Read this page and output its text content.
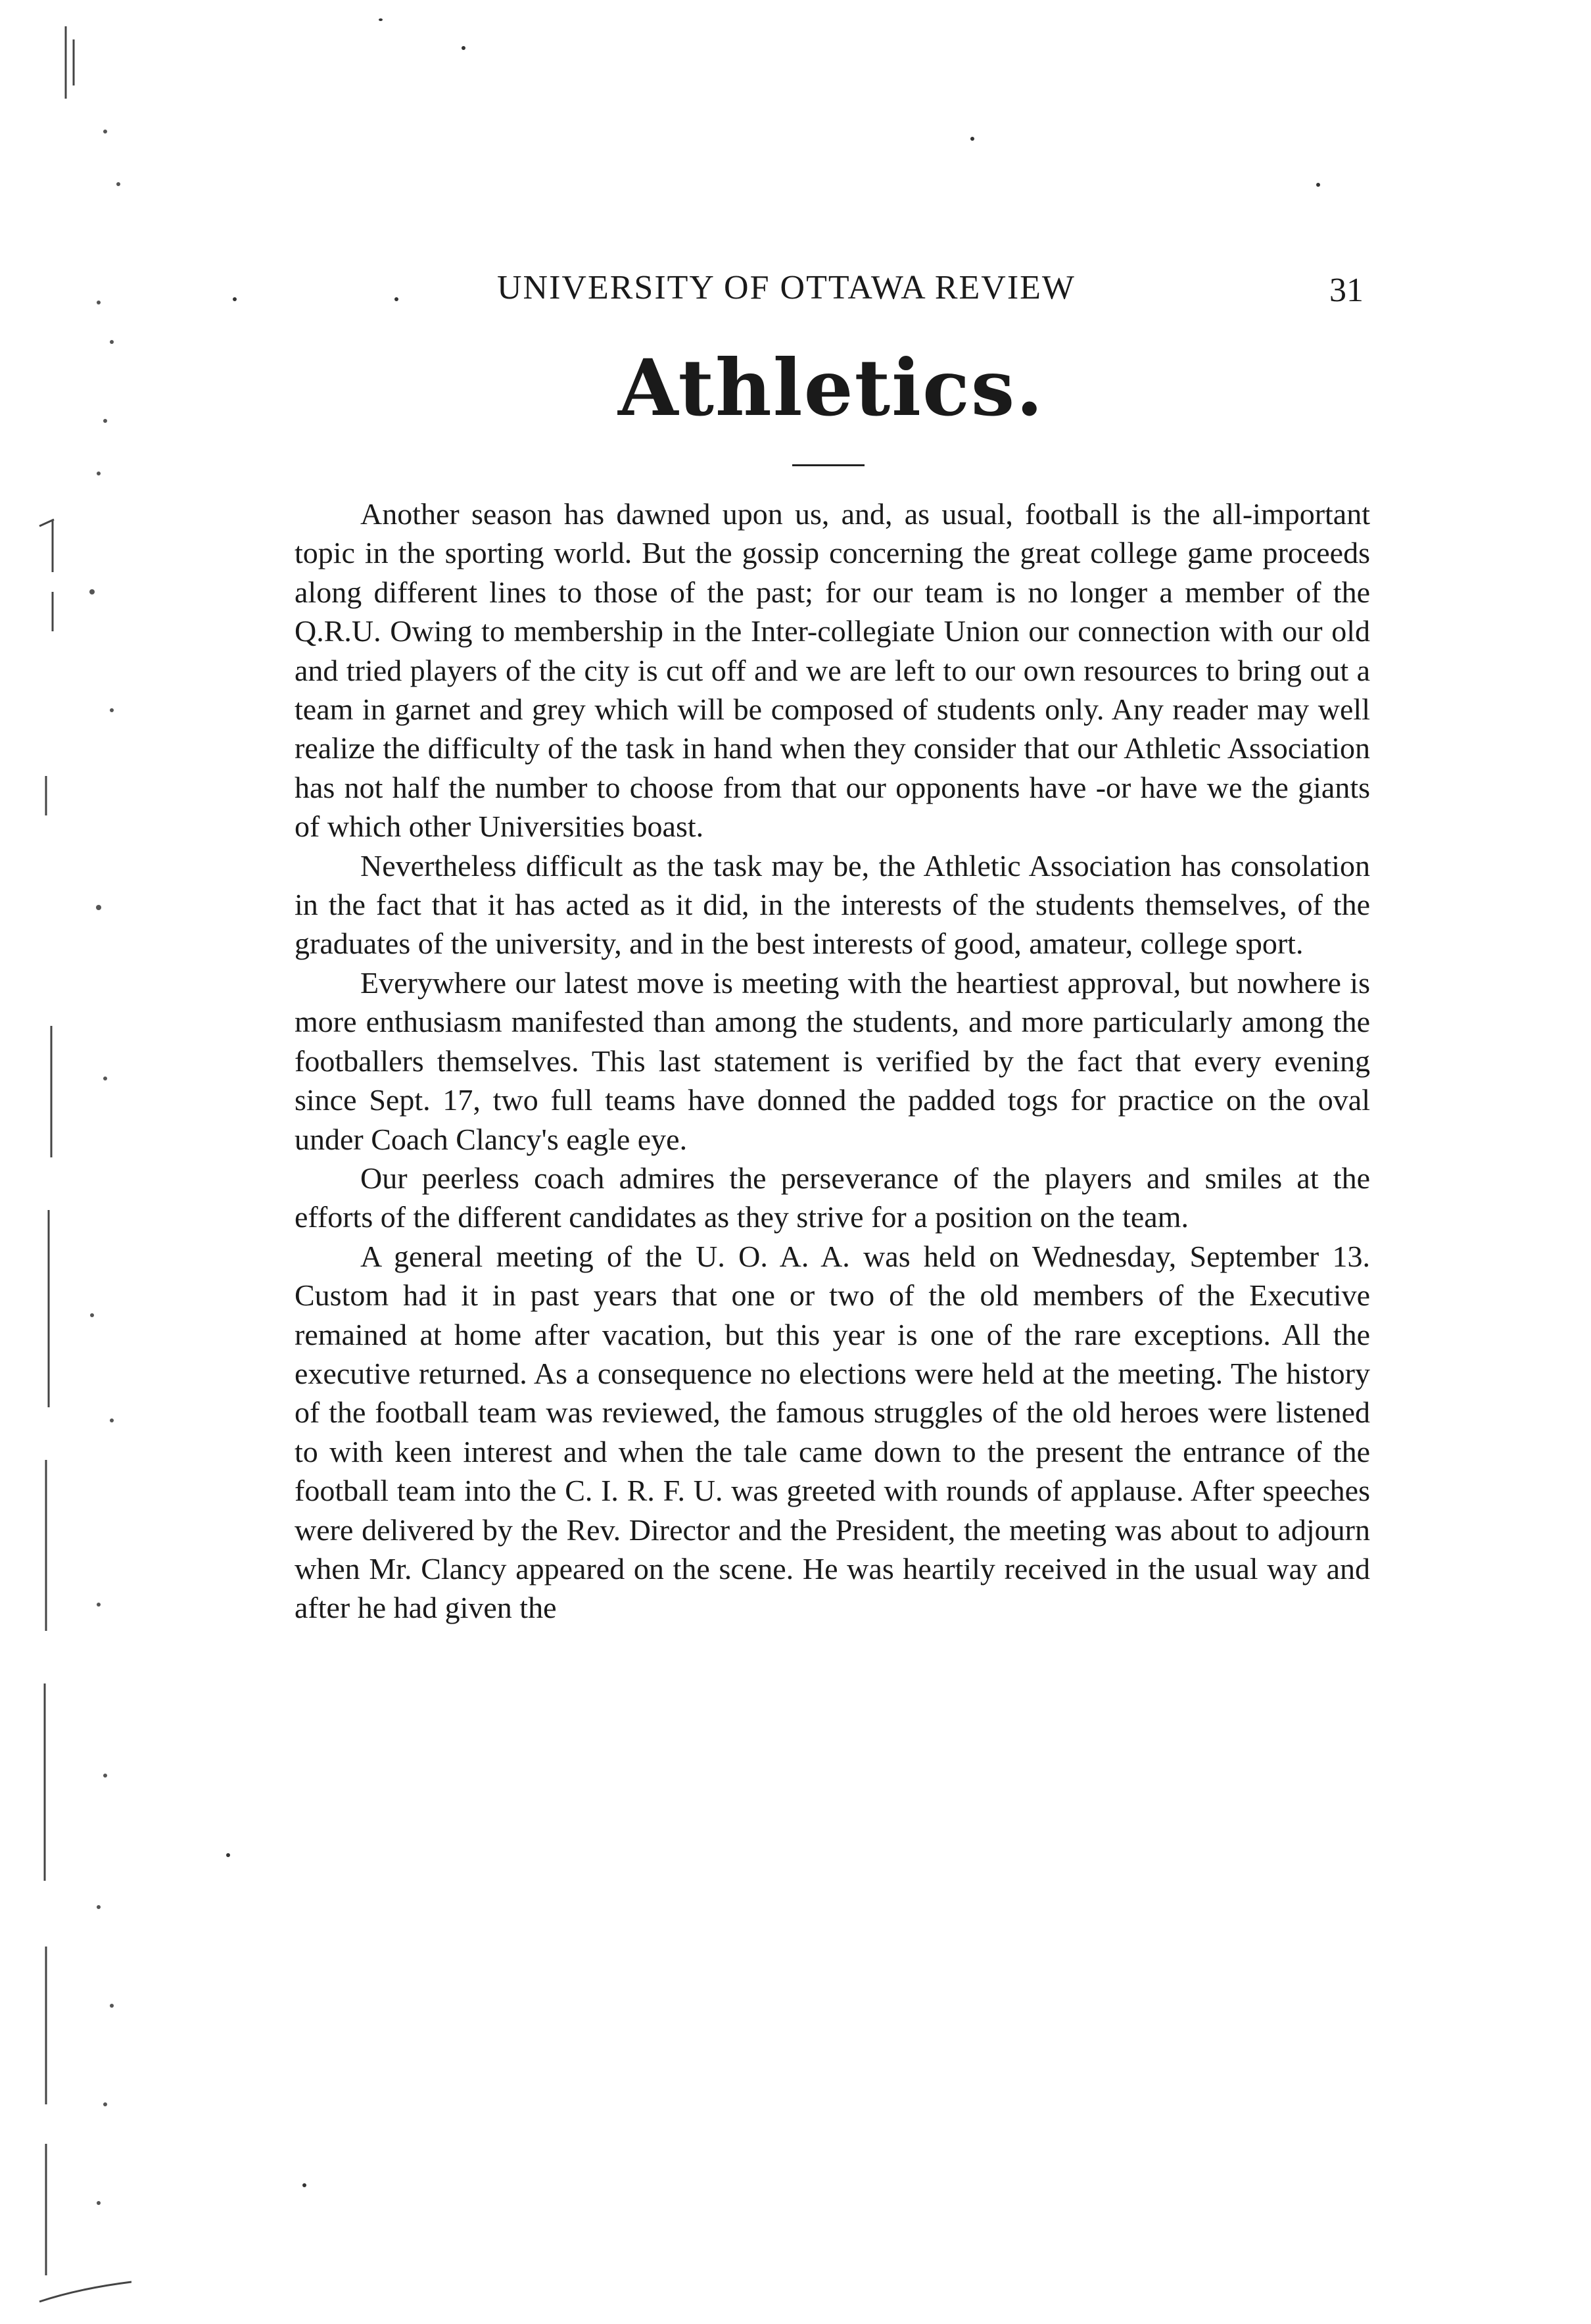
UNIVERSITY OF OTTAWA REVIEW	31
Athletics.

Another season has dawned upon us, and, as usual, football is the all-important topic in the sporting world. But the gossip concerning the great college game proceeds along different lines to those of the past; for our team is no longer a member of the Q.R.U. Owing to membership in the Inter-collegiate Union our connection with our old and tried players of the city is cut off and we are left to our own resources to bring out a team in garnet and grey which will be composed of students only. Any reader may well realize the difficulty of the task in hand when they consider that our Athletic Association has not half the number to choose from that our opponents have -or have we the giants of which other Universities boast.

Nevertheless difficult as the task may be, the Athletic Association has consolation in the fact that it has acted as it did, in the interests of the students themselves, of the graduates of the university, and in the best interests of good, amateur, college sport.

Everywhere our latest move is meeting with the heartiest approval, but nowhere is more enthusiasm manifested than among the students, and more particularly among the footballers themselves. This last statement is verified by the fact that every evening since Sept. 17, two full teams have donned the padded togs for practice on the oval under Coach Clancy's eagle eye.

Our peerless coach admires the perseverance of the players and smiles at the efforts of the different candidates as they strive for a position on the team.

A general meeting of the U. O. A. A. was held on Wednesday, September 13. Custom had it in past years that one or two of the old members of the Executive remained at home after vacation, but this year is one of the rare exceptions. All the executive returned. As a consequence no elections were held at the meeting. The history of the football team was reviewed, the famous struggles of the old heroes were listened to with keen interest and when the tale came down to the present the entrance of the football team into the C. I. R. F. U. was greeted with rounds of applause. After speeches were delivered by the Rev. Director and the President, the meeting was about to adjourn when Mr. Clancy appeared on the scene. He was heartily received in the usual way and after he had given the
